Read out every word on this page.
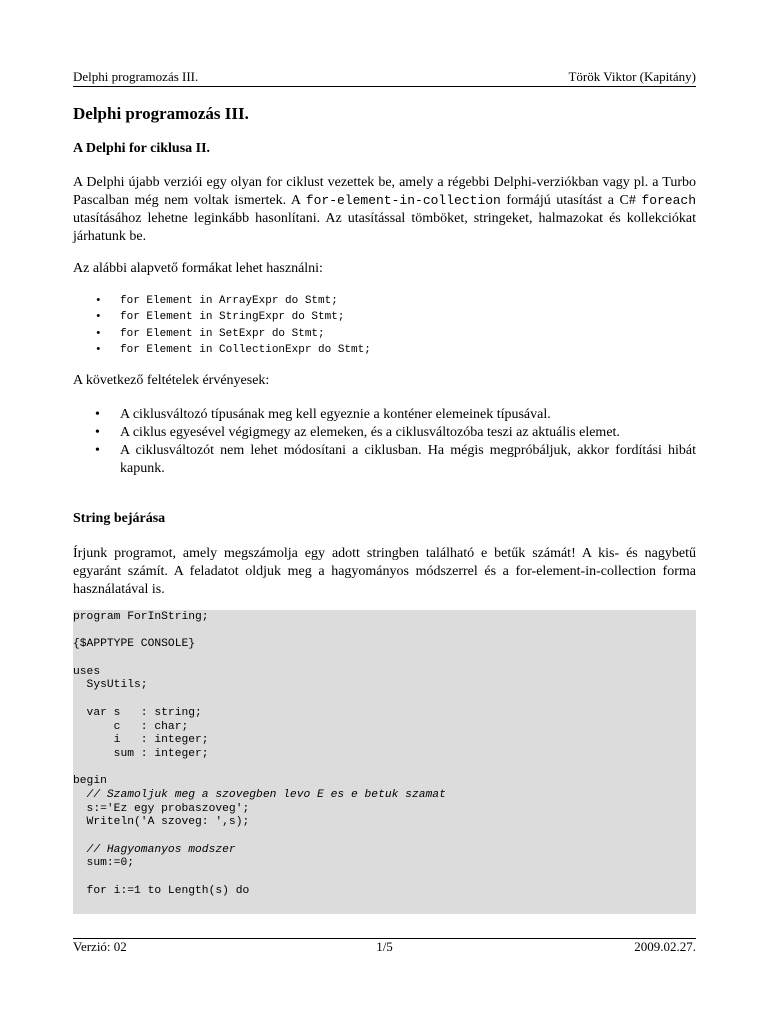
Delphi programozás III.	Török Viktor (Kapitány)
Delphi programozás III.
A Delphi for ciklusa II.

A Delphi újabb verziói egy olyan for ciklust vezettek be, amely a régebbi Delphi-verziókban vagy pl. a Turbo Pascalban még nem voltak ismertek. A for-element-in-collection formájú utasítást a C# foreach utasításához lehetne leginkább hasonlítani. Az utasítással tömböket, stringeket, halmazokat és kollekciókat járhatunk be.

Az alábbi alapvető formákat lehet használni:

• for Element in ArrayExpr do Stmt;
• for Element in StringExpr do Stmt;
• for Element in SetExpr do Stmt;
• for Element in CollectionExpr do Stmt;

A következő feltételek érvényesek:

• A ciklusváltozó típusának meg kell egyeznie a konténer elemeinek típusával.
• A ciklus egyesével végigmegy az elemeken, és a ciklusváltozóba teszi az aktuális elemet.
• A ciklusváltozót nem lehet módosítani a ciklusban. Ha mégis megpróbáljuk, akkor fordítási hibát kapunk.
String bejárása

Írjunk programot, amely megszámolja egy adott stringben található e betűk számát! A kis- és nagybetű egyaránt számít. A feladatot oldjuk meg a hagyományos módszerrel és a for-element-in-collection forma használatával is.

program ForInString;
{$APPTYPE CONSOLE}
uses
SysUtils;
var s   : string;
c   : char;
i   : integer;
sum : integer;
begin
// Szamoljuk meg a szovegben levo E es e betuk szamat
s:='Ez egy probaszoveg';
Writeln('A szoveg: ',s);
// Hagyomanyos modszer
sum:=0;
for i:=1 to Length(s) do
Verzió: 02	1/5	2009.02.27.
